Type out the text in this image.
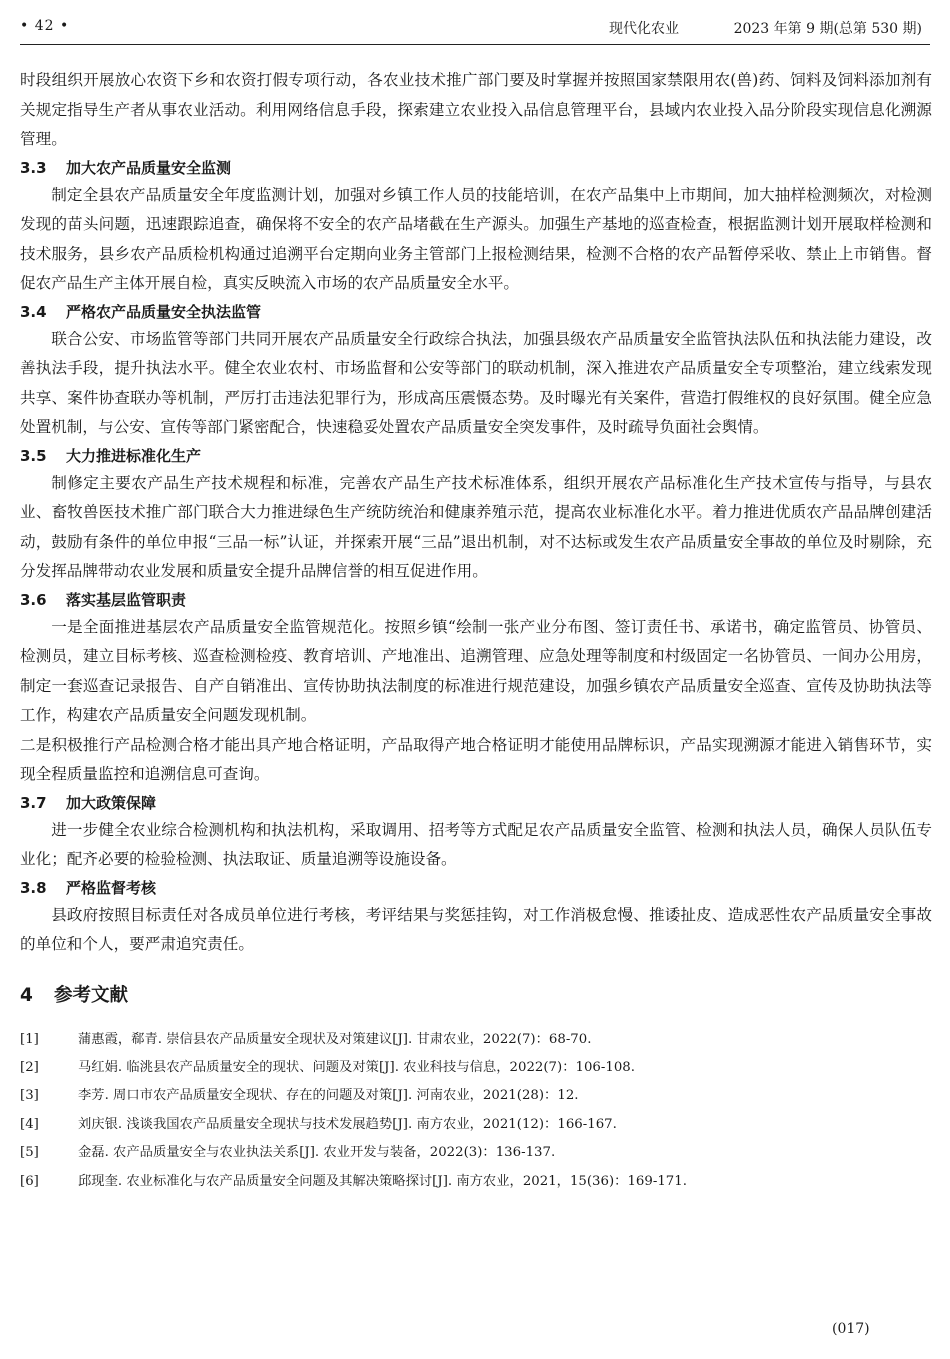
• 42 •	现代化农业	2023 年第 9 期(总第 530 期)

时段组织开展放心农资下乡和农资打假专项行动，各农业技术推广部门要及时掌握并按照国家禁限用农(兽)药、饲料及饲料添加剂有关规定指导生产者从事农业活动。利用网络信息手段，探索建立农业投入品信息管理平台，县域内农业投入品分阶段实现信息化溯源管理。

3.3 加大农产品质量安全监测

制定全县农产品质量安全年度监测计划，加强对乡镇工作人员的技能培训，在农产品集中上市期间，加大抽样检测频次，对检测发现的苗头问题，迅速跟踪追查，确保将不安全的农产品堵截在生产源头。加强生产基地的巡查检查，根据监测计划开展取样检测和技术服务，县乡农产品质检机构通过追溯平台定期向业务主管部门上报检测结果，检测不合格的农产品暂停采收、禁止上市销售。督促农产品生产主体开展自检，真实反映流入市场的农产品质量安全水平。

3.4 严格农产品质量安全执法监管

联合公安、市场监管等部门共同开展农产品质量安全行政综合执法，加强县级农产品质量安全监管执法队伍和执法能力建设，改善执法手段，提升执法水平。健全农业农村、市场监督和公安等部门的联动机制，深入推进农产品质量安全专项整治，建立线索发现共享、案件协查联办等机制，严厉打击违法犯罪行为，形成高压震慑态势。及时曝光有关案件，营造打假维权的良好氛围。健全应急处置机制，与公安、宣传等部门紧密配合，快速稳妥处置农产品质量安全突发事件，及时疏导负面社会舆情。

3.5 大力推进标准化生产

制修定主要农产品生产技术规程和标准，完善农产品生产技术标准体系，组织开展农产品标准化生产技术宣传与指导，与县农业、畜牧兽医技术推广部门联合大力推进绿色生产统防统治和健康养殖示范，提高农业标准化水平。着力推进优质农产品品牌创建活动，鼓励有条件的单位申报“三品一标”认证，并探索开展“三品”退出机制，对不达标或发生农产品质量安全事故的单位及时剔除，充分发挥品牌带动农业发展和质量安全提升品牌信誉的相互促进作用。

3.6 落实基层监管职责

一是全面推进基层农产品质量安全监管规范化。按照乡镇“绘制一张产业分布图、签订责任书、承诺书，确定监管员、协管员、检测员，建立目标考核、巡查检测检疫、教育培训、产地准出、追溯管理、应急处理等制度和村级固定一名协管员、一间办公用房，制定一套巡查记录报告、自产自销准出、宣传协助执法制度的标准进行规范建设，加强乡镇农产品质量安全巡查、宣传及协助执法等工作，构建农产品质量安全问题发现机制。

二是积极推行产品检测合格才能出具产地合格证明，产品取得产地合格证明才能使用品牌标识，产品实现溯源才能进入销售环节，实现全程质量监控和追溯信息可查询。

3.7 加大政策保障

进一步健全农业综合检测机构和执法机构，采取调用、招考等方式配足农产品质量安全监管、检测和执法人员，确保人员队伍专业化；配齐必要的检验检测、执法取证、质量追溯等设施设备。

3.8 严格监督考核

县政府按照目标责任对各成员单位进行考核，考评结果与奖惩挂钩，对工作消极怠慢、推诿扯皮、造成恶性农产品质量安全事故的单位和个人，要严肃追究责任。

4 参考文献
[1]	蒲惠霞，郗青. 崇信县农产品质量安全现状及对策建议[J]. 甘肃农业，2022(7)：68-70.
[2]	马红娟. 临洮县农产品质量安全的现状、问题及对策[J]. 农业科技与信息，2022(7)：106-108.
[3]	李芳. 周口市农产品质量安全现状、存在的问题及对策[J]. 河南农业，2021(28)：12.
[4]	刘庆银. 浅谈我国农产品质量安全现状与技术发展趋势[J]. 南方农业，2021(12)：166-167.
[5]	金磊. 农产品质量安全与农业执法关系[J]. 农业开发与装备，2022(3)：136-137.
[6]	邱现奎. 农业标准化与农产品质量安全问题及其解决策略探讨[J]. 南方农业，2021，15(36)：169-171.
(017)
